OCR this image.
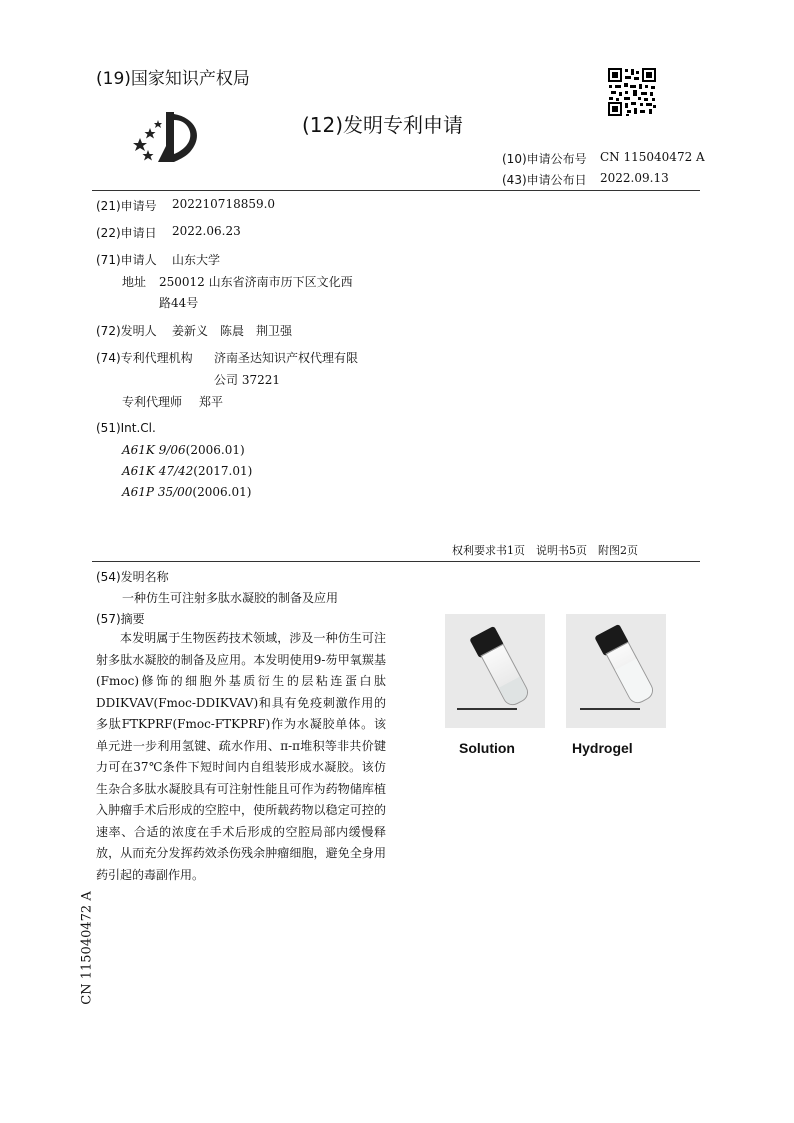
(19)国家知识产权局
(12)发明专利申请
(10)申请公布号 CN 115040472 A
(43)申请公布日 2022.09.13
(21)申请号 202210718859.0
(22)申请日 2022.06.23
(71)申请人 山东大学
地址 250012 山东省济南市历下区文化西
路44号
(72)发明人 姜新义　陈晨　荆卫强
(74)专利代理机构 济南圣达知识产权代理有限
公司 37221
专利代理师 郑平
(51)Int.Cl.
A61K 9/06(2006.01)
A61K 47/42(2017.01)
A61P 35/00(2006.01)
权利要求书1页　说明书5页　附图2页
(54)发明名称
一种仿生可注射多肽水凝胶的制备及应用
(57)摘要

本发明属于生物医药技术领域，涉及一种仿生可注射多肽水凝胶的制备及应用。本发明使用9-芴甲氧羰基(Fmoc)修饰的细胞外基质衍生的层粘连蛋白肽DDIKVAV(Fmoc-DDIKVAV)和具有免疫刺激作用的多肽FTKPRF(Fmoc-FTKPRF)作为水凝胶单体。该单元进一步利用氢键、疏水作用、π-π堆积等非共价键力可在37℃条件下短时间内自组装形成水凝胶。该仿生杂合多肽水凝胶具有可注射性能且可作为药物储库植入肿瘤手术后形成的空腔中，使所载药物以稳定可控的速率、合适的浓度在手术后形成的空腔局部内缓慢释放，从而充分发挥药效杀伤残余肿瘤细胞，避免全身用药引起的毒副作用。

Solution	Hydrogel
CN 115040472 A
